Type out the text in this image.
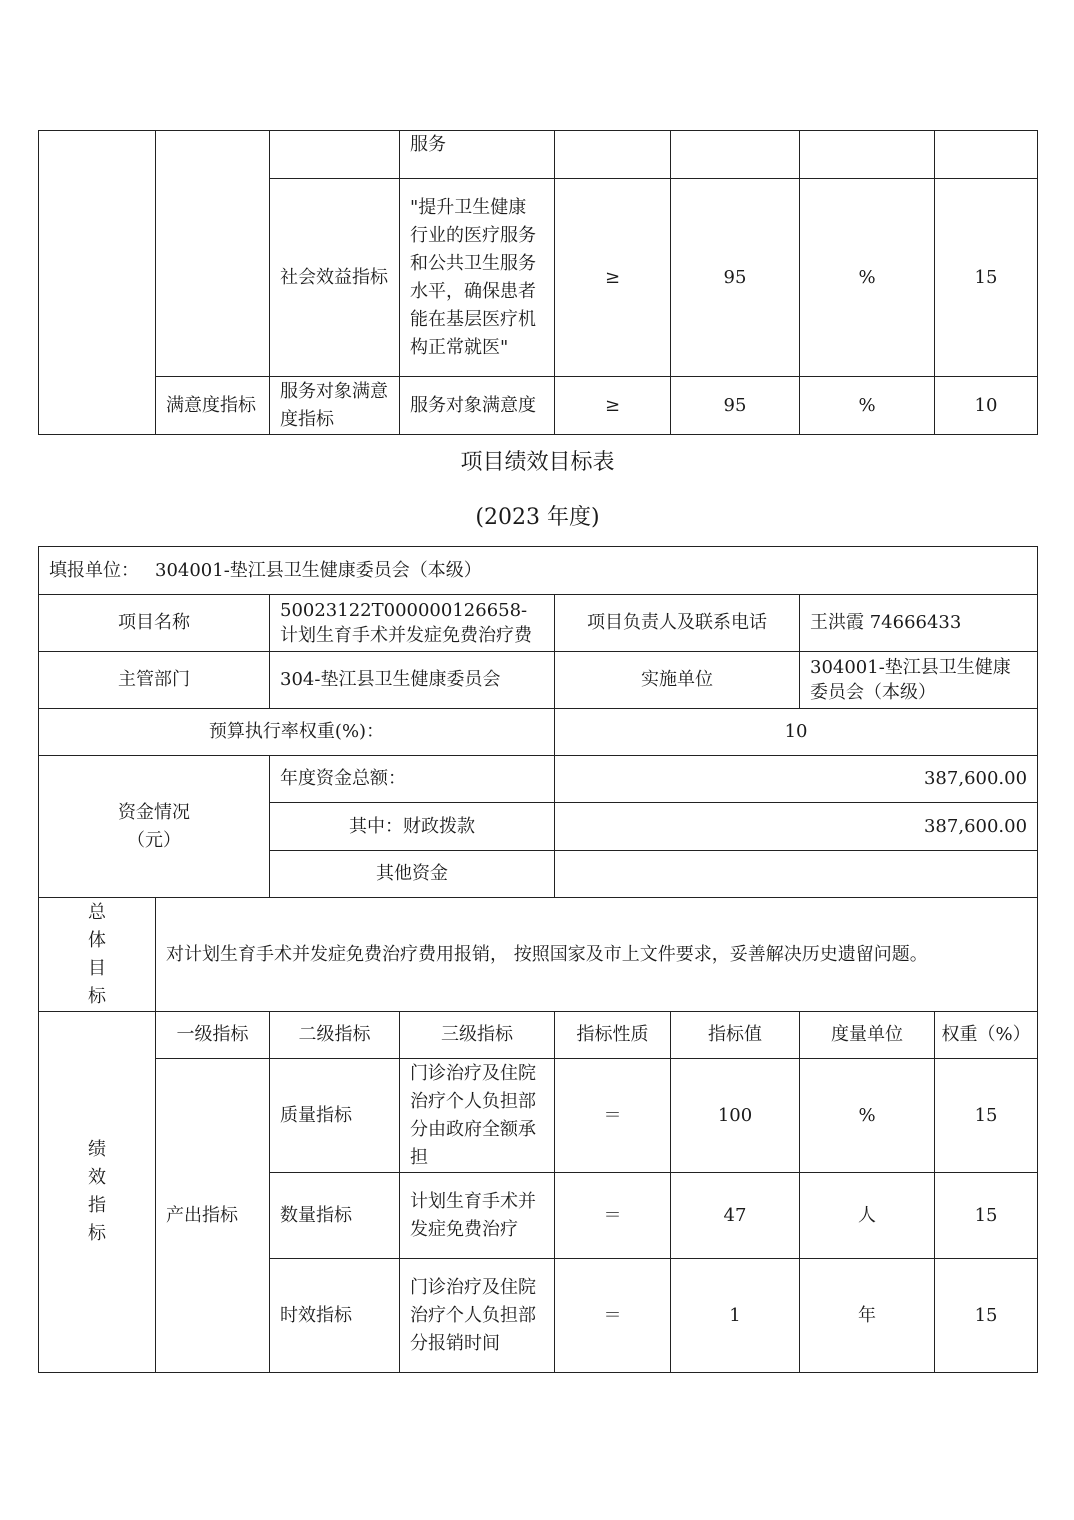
			服务				
		社会效益指标	"提升卫生健康行业的医疗服务和公共卫生服务 水平，确保患者能在基层医疗机构正常就医"	≥	95	%	15
	满意度指标	服务对象满意度指标	服务对象满意度	≥	95	%	10
项目绩效目标表
(2023 年度)
填报单位： 304001-垫江县卫生健康委员会（本级）							
项目名称		50023122T000000126658-计划生育手术并发症免费治疗费		项目负责人及联系电话		王洪霞 74666433	
主管部门		304-垫江县卫生健康委员会		实施单位		304001-垫江县卫生健康委员会（本级）	
预算执行率权重(%)：				10			

资金情况
（元）		年度资金总额：		387,600.00			
		其中：财政拨款		387,600.00			
		其他资金					

总
体
目
标	对计划生育手术并发症免费治疗费用报销， 按照国家及市上文件要求，妥善解决历史遗留问题。						

绩
效
指
标	一级指标	二级指标	三级指标	指标性质	指标值	度量单位	权重（%）
	产出指标	质量指标	门诊治疗及住院治疗个人负担部分由政府全额承担	＝	100	%	15
		数量指标	计划生育手术并发症免费治疗	＝	47	人	15
		时效指标	门诊治疗及住院治疗个人负担部分报销时间	＝	1	年	15
